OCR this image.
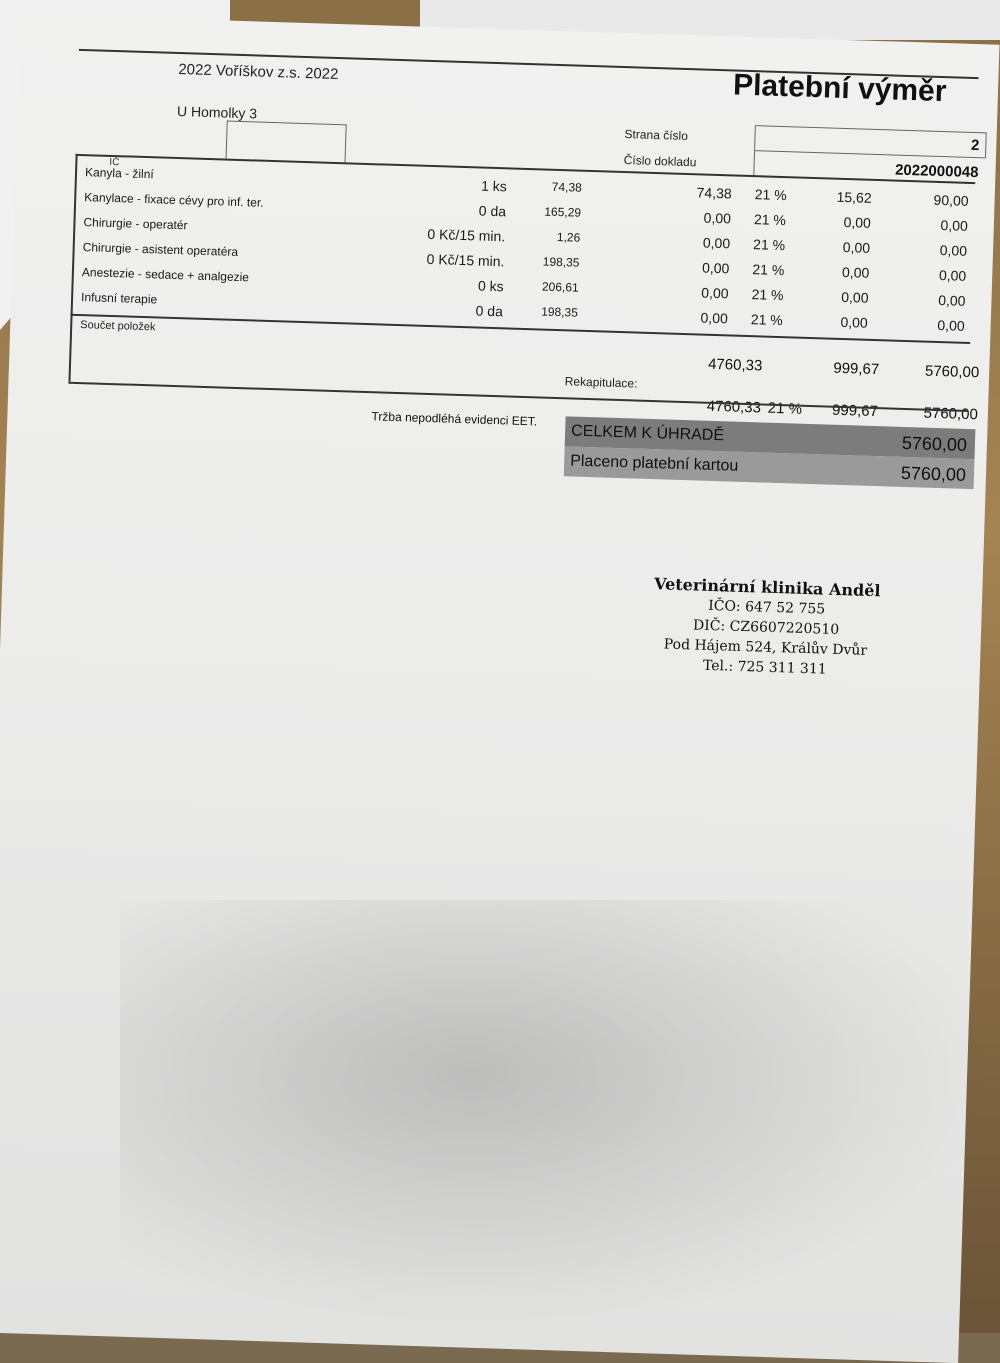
2022 Voříškov z.s. 2022	Platební výměr
U Homolky 3
IČ
Strana číslo
Číslo dokladu
2
2022000048
Kanyla - žilní
1 ks	74,38	74,38 21 %	15,62	90,00
Kanylace - fixace cévy pro inf. ter.
0 da	165,29	0,00 21 %	0,00	0,00
Chirurgie - operatér
0 Kč/15 min.	1,26	0,00 21 %	0,00	0,00
Chirurgie - asistent operatéra
0 Kč/15 min.	198,35	0,00 21 %	0,00	0,00
Anestezie - sedace + analgezie
0 ks	206,61	0,00 21 %	0,00	0,00
Infusní terapie
0 da	198,35	0,00 21 %	0,00	0,00
Součet položek
4760,33	999,67	5760,00
Rekapitulace:
4760,33 21 % 999,67	5760,00
Tržba nepodléhá evidenci EET.
CELKEM K ÚHRADĚ	5760,00
Placeno platební kartou	5760,00
Veterinární klinika Anděl
IČO: 647 52 755
DIČ: CZ6607220510
Pod Hájem 524, Králův Dvůr
Tel.: 725 311 311
